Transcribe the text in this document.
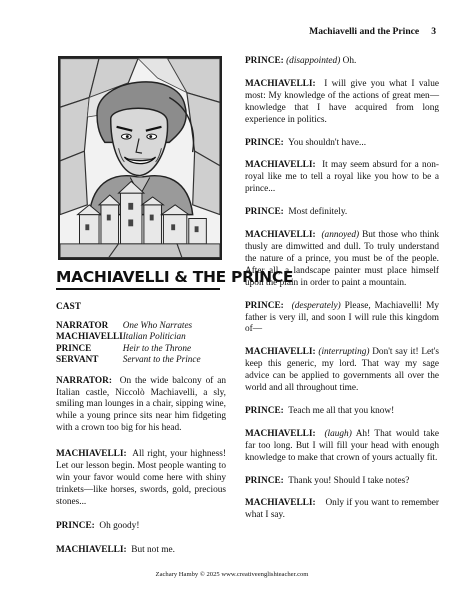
Machiavelli and the Prince 3
MACHIAVELLI & THE PRINCE
CAST
NARRATOR	One Who Narrates
MACHIAVELLI	Italian Politician
PRINCE	Heir to the Throne
SERVANT	Servant to the Prince

NARRATOR: On the wide balcony of an Italian castle, Niccolò Machiavelli, a sly, smiling man lounges in a chair, sipping wine, while a young prince sits near him fidgeting with a crown too big for his head.

MACHIAVELLI: All right, your highness! Let our lesson begin. Most people wanting to win your favor would come here with shiny trinkets—like horses, swords, gold, precious stones...

PRINCE: Oh goody!

MACHIAVELLI: But not me.

PRINCE: (disappointed) Oh.

MACHIAVELLI: I will give you what I value most: My knowledge of the actions of great men—knowledge that I have acquired from long experience in politics.

PRINCE: You shouldn't have...

MACHIAVELLI: It may seem absurd for a non-royal like me to tell a royal like you how to be a prince...

PRINCE: Most definitely.

MACHIAVELLI: (annoyed) But those who think thusly are dimwitted and dull. To truly understand the nature of a prince, you must be of the people. After all, a landscape painter must place himself upon the plain in order to paint a mountain.

PRINCE: (desperately) Please, Machiavelli! My father is very ill, and soon I will rule this kingdom of—

MACHIAVELLI: (interrupting) Don't say it! Let's keep this generic, my lord. That way my sage advice can be applied to governments all over the world and all throughout time.

PRINCE: Teach me all that you know!

MACHIAVELLI: (laugh) Ah! That would take far too long. But I will fill your head with enough knowledge to make that crown of yours actually fit.

PRINCE: Thank you! Should I take notes?

MACHIAVELLI: Only if you want to remember what I say.

Zachary Hamby © 2025 www.creativeenglishteacher.com
